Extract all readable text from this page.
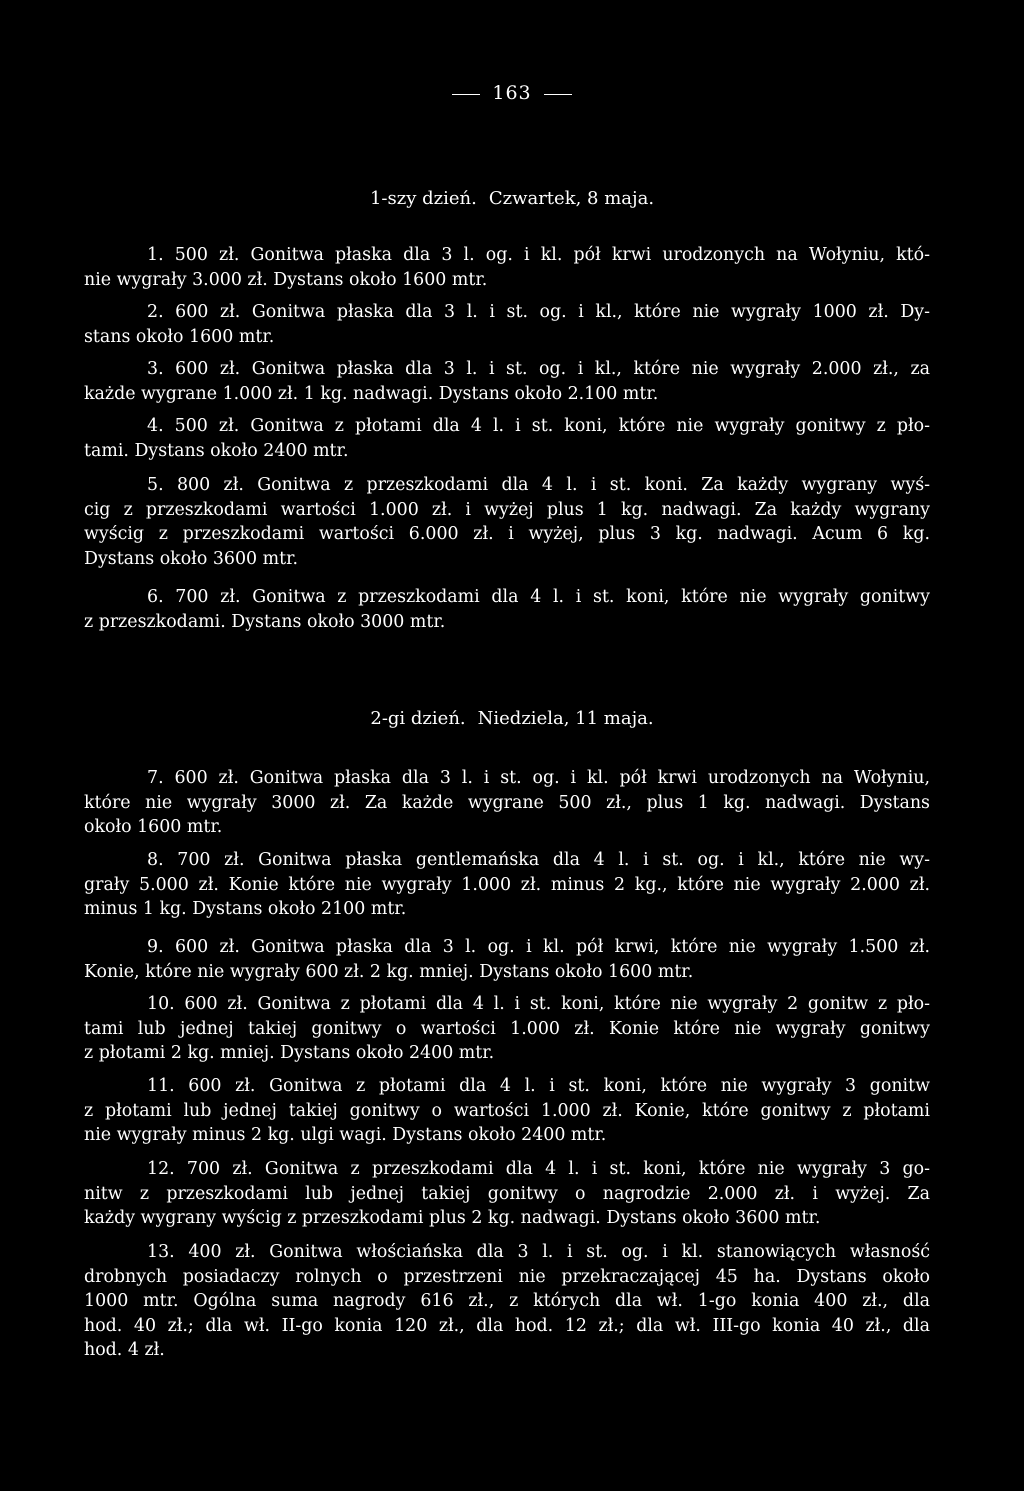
163
1-szy dzień. Czwartek, 8 maja.
1. 500 zł. Gonitwa płaska dla 3 l. og. i kl. pół krwi urodzonych na Wołyniu, któ-
nie wygrały 3.000 zł. Dystans około 1600 mtr.
2. 600 zł. Gonitwa płaska dla 3 l. i st. og. i kl., które nie wygrały 1000 zł. Dy-
stans około 1600 mtr.
3. 600 zł. Gonitwa płaska dla 3 l. i st. og. i kl., które nie wygrały 2.000 zł., za
każde wygrane 1.000 zł. 1 kg. nadwagi. Dystans około 2.100 mtr.
4. 500 zł. Gonitwa z płotami dla 4 l. i st. koni, które nie wygrały gonitwy z pło-
tami. Dystans około 2400 mtr.
5. 800 zł. Gonitwa z przeszkodami dla 4 l. i st. koni. Za każdy wygrany wyś-
cig z przeszkodami wartości 1.000 zł. i wyżej plus 1 kg. nadwagi. Za każdy wygrany
wyścig z przeszkodami wartości 6.000 zł. i wyżej, plus 3 kg. nadwagi. Acum 6 kg.
Dystans około 3600 mtr.
6. 700 zł. Gonitwa z przeszkodami dla 4 l. i st. koni, które nie wygrały gonitwy
z przeszkodami. Dystans około 3000 mtr.
2-gi dzień. Niedziela, 11 maja.
7. 600 zł. Gonitwa płaska dla 3 l. i st. og. i kl. pół krwi urodzonych na Wołyniu,
które nie wygrały 3000 zł. Za każde wygrane 500 zł., plus 1 kg. nadwagi. Dystans
około 1600 mtr.
8. 700 zł. Gonitwa płaska gentlemańska dla 4 l. i st. og. i kl., które nie wy-
grały 5.000 zł. Konie które nie wygrały 1.000 zł. minus 2 kg., które nie wygrały 2.000 zł.
minus 1 kg. Dystans około 2100 mtr.
9. 600 zł. Gonitwa płaska dla 3 l. og. i kl. pół krwi, które nie wygrały 1.500 zł.
Konie, które nie wygrały 600 zł. 2 kg. mniej. Dystans około 1600 mtr.
10. 600 zł. Gonitwa z płotami dla 4 l. i st. koni, które nie wygrały 2 gonitw z pło-
tami lub jednej takiej gonitwy o wartości 1.000 zł. Konie które nie wygrały gonitwy
z płotami 2 kg. mniej. Dystans około 2400 mtr.
11. 600 zł. Gonitwa z płotami dla 4 l. i st. koni, które nie wygrały 3 gonitw
z płotami lub jednej takiej gonitwy o wartości 1.000 zł. Konie, które gonitwy z płotami
nie wygrały minus 2 kg. ulgi wagi. Dystans około 2400 mtr.
12. 700 zł. Gonitwa z przeszkodami dla 4 l. i st. koni, które nie wygrały 3 go-
nitw z przeszkodami lub jednej takiej gonitwy o nagrodzie 2.000 zł. i wyżej. Za
każdy wygrany wyścig z przeszkodami plus 2 kg. nadwagi. Dystans około 3600 mtr.
13. 400 zł. Gonitwa włościańska dla 3 l. i st. og. i kl. stanowiących własność
drobnych posiadaczy rolnych o przestrzeni nie przekraczającej 45 ha. Dystans około
1000 mtr. Ogólna suma nagrody 616 zł., z których dla wł. 1-go konia 400 zł., dla
hod. 40 zł.; dla wł. II-go konia 120 zł., dla hod. 12 zł.; dla wł. III-go konia 40 zł., dla
hod. 4 zł.
